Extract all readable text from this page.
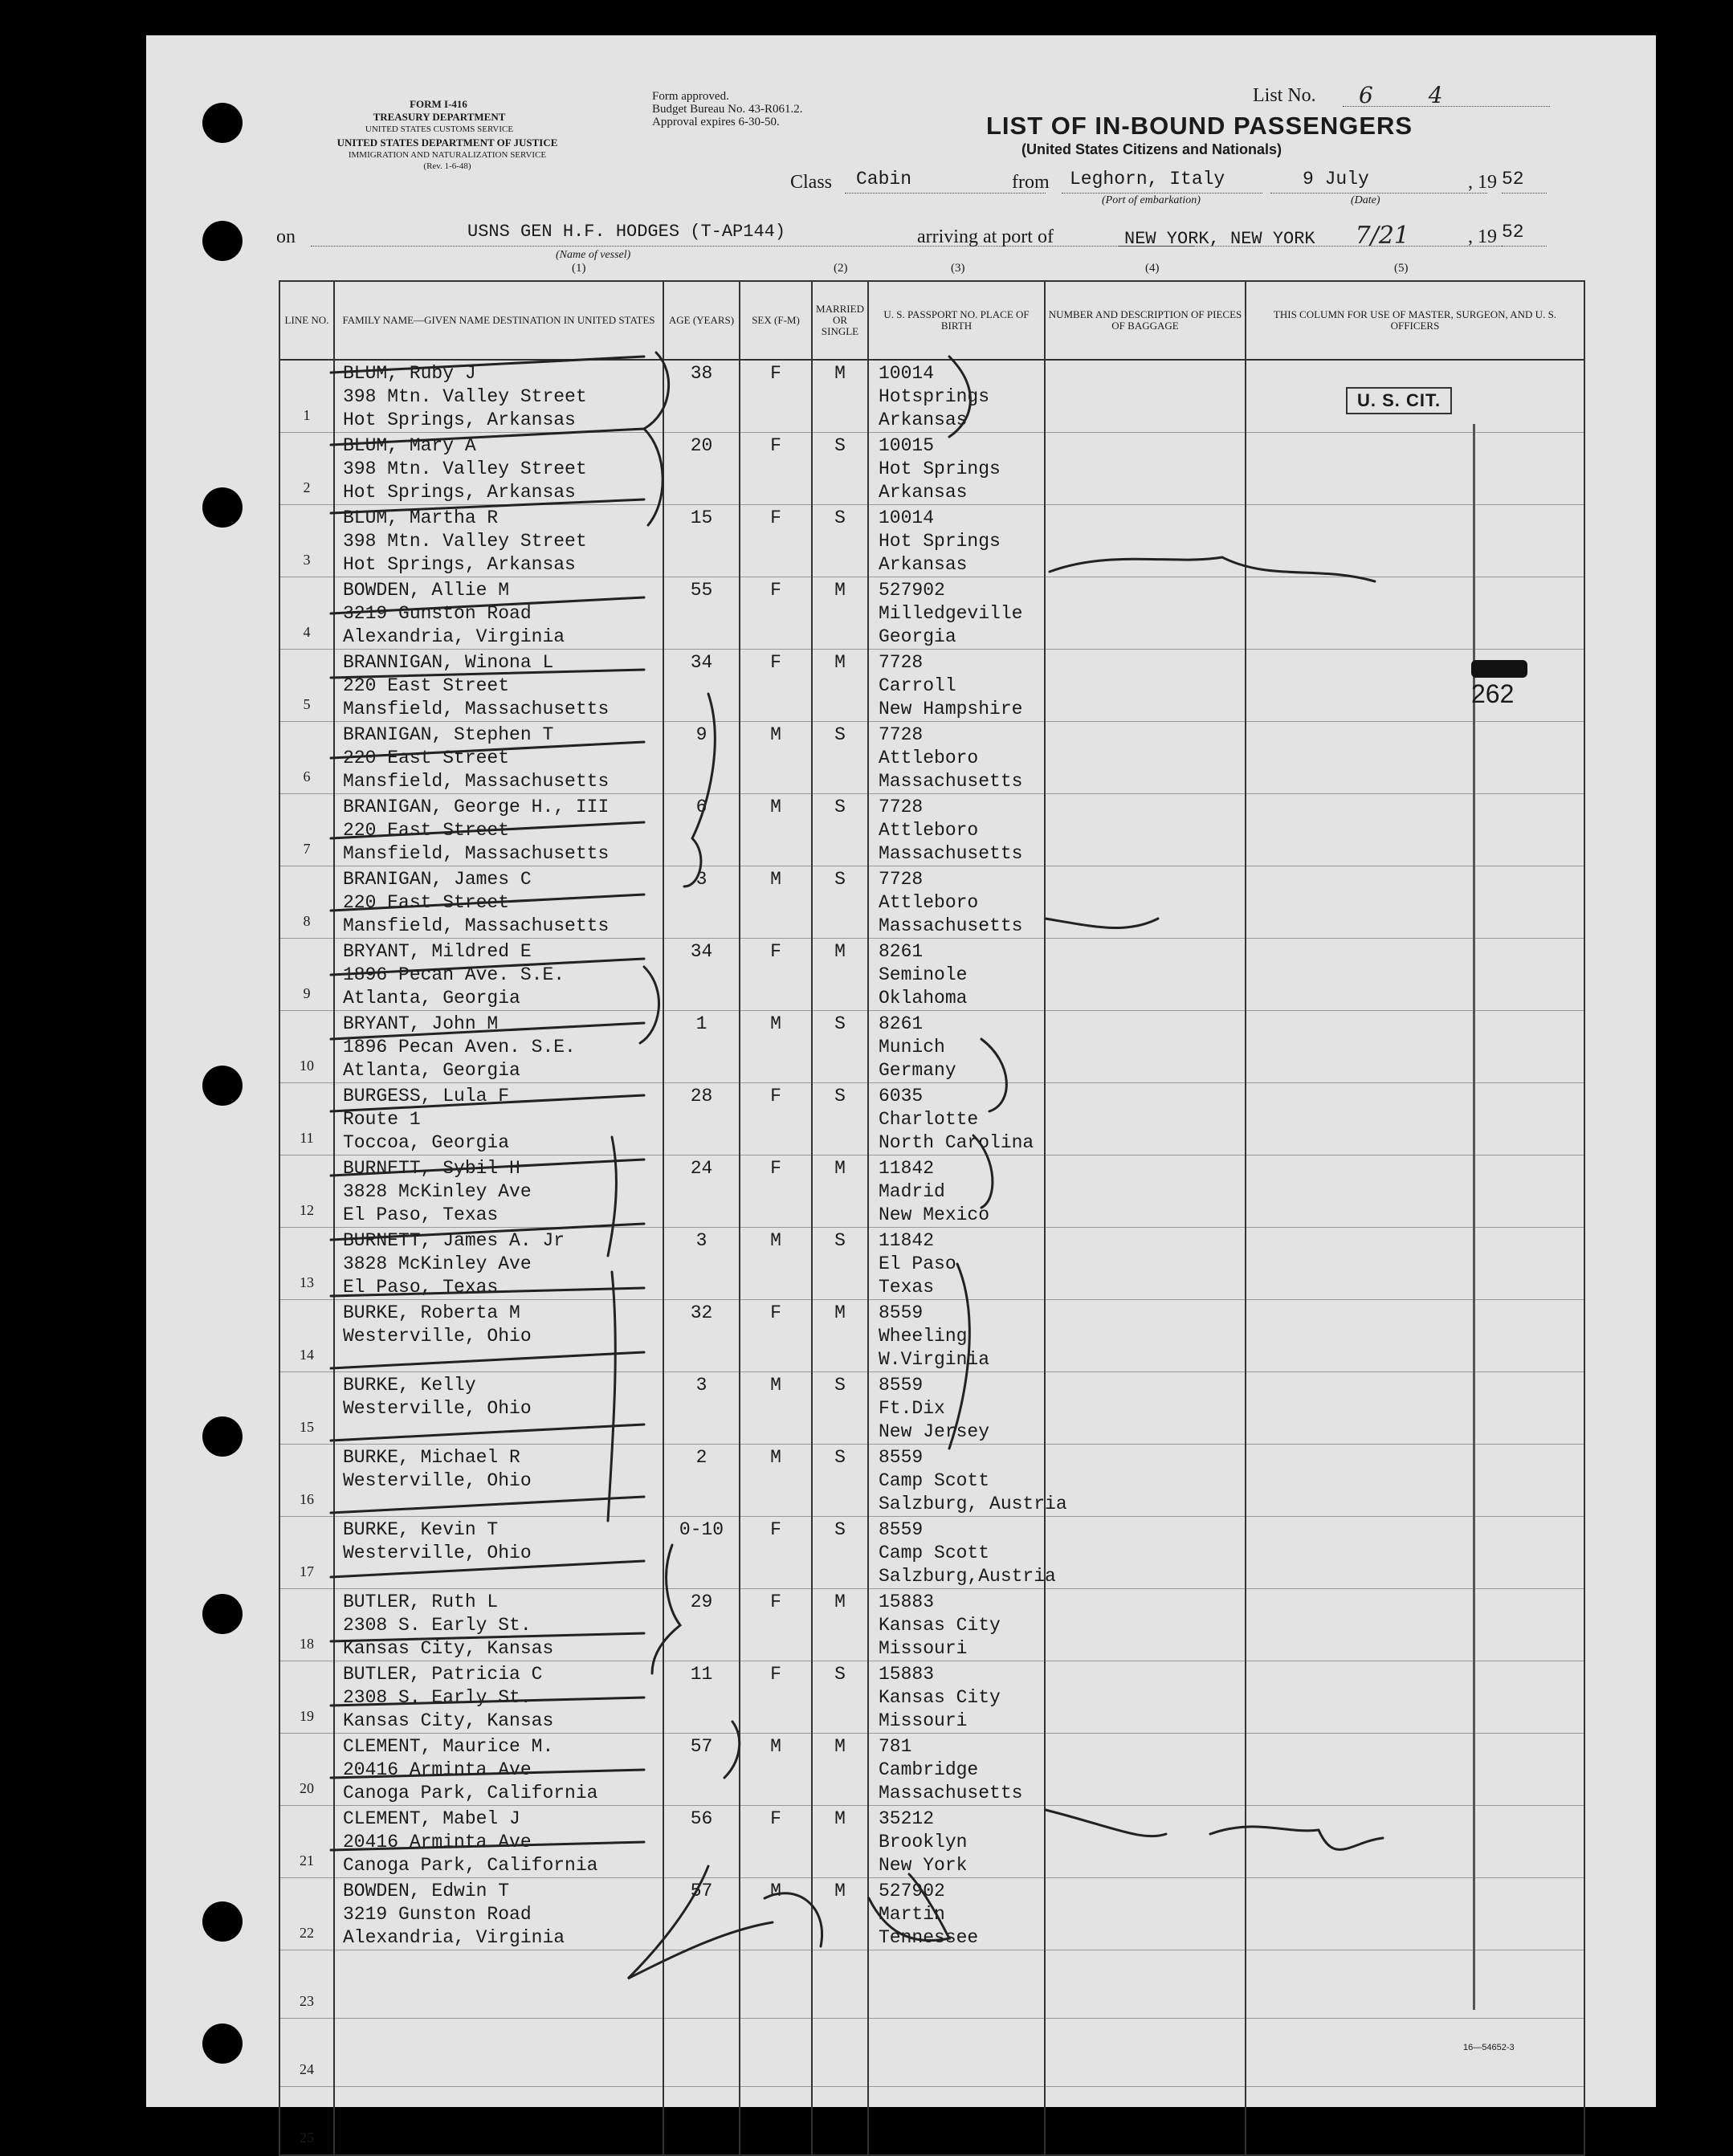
FORM I-416
TREASURY DEPARTMENT
UNITED STATES CUSTOMS SERVICE
UNITED STATES DEPARTMENT OF JUSTICE
IMMIGRATION AND NATURALIZATION SERVICE
(Rev. 1-6-48)
Form approved.
Budget Bureau No. 43-R061.2.
Approval expires 6-30-50.
List No.	6 4
LIST OF IN-BOUND PASSENGERS
(United States Citizens and Nationals)
Class	Cabin	from	Leghorn, Italy	9 July	, 19 52
(Port of embarkation)	(Date)
on	USNS GEN H.F. HODGES (T-AP144)	arriving at port of	NEW YORK, NEW YORK 7/21	, 19 52
(Name of vessel)
(1)	(2)	(3)	(4)	(5)
LINE NO.	FAMILY NAME—GIVEN NAME DESTINATION IN UNITED STATES	AGE (YEARS)	SEX (F-M)	MARRIED OR SINGLE	U. S. PASSPORT NO. PLACE OF BIRTH	NUMBER AND DESCRIPTION OF PIECES OF BAGGAGE	THIS COLUMN FOR USE OF MASTER, SURGEON, AND U. S. OFFICERS

1	BLUM, Ruby J
398 Mtn. Valley Street
Hot Springs, Arkansas	38	F	M	10014
Hotsprings
Arkansas		

2	BLUM, Mary A
398 Mtn. Valley Street
Hot Springs, Arkansas	20	F	S	10015
Hot Springs
Arkansas		

3	BLUM, Martha R
398 Mtn. Valley Street
Hot Springs, Arkansas	15	F	S	10014
Hot Springs
Arkansas		

4	BOWDEN, Allie M
3219 Gunston Road
Alexandria, Virginia	55	F	M	527902
Milledgeville
Georgia		

5	BRANNIGAN, Winona L
220 East Street
Mansfield, Massachusetts	34	F	M	7728
Carroll
New Hampshire		

6	BRANIGAN, Stephen T
220 East Street
Mansfield, Massachusetts	9	M	S	7728
Attleboro
Massachusetts		

7	BRANIGAN, George H., III
220 East Street
Mansfield, Massachusetts	6	M	S	7728
Attleboro
Massachusetts		

8	BRANIGAN, James C
220 East Street
Mansfield, Massachusetts	3	M	S	7728
Attleboro
Massachusetts		

9	BRYANT, Mildred E
1896 Pecan Ave. S.E.
Atlanta, Georgia	34	F	M	8261
Seminole
Oklahoma		

10	BRYANT, John M
1896 Pecan Aven. S.E.
Atlanta, Georgia	1	M	S	8261
Munich
Germany		

11	BURGESS, Lula F
Route 1
Toccoa, Georgia	28	F	S	6035
Charlotte
North Carolina		

12	BURNETT, Sybil H
3828 McKinley Ave
El Paso, Texas	24	F	M	11842
Madrid
New Mexico		

13	BURNETT, James A. Jr
3828 McKinley Ave
El Paso, Texas	3	M	S	11842
El Paso
Texas		

14	BURKE, Roberta M
Westerville, Ohio	32	F	M	8559
Wheeling
W.Virginia		

15	BURKE, Kelly
Westerville, Ohio	3	M	S	8559
Ft.Dix
New Jersey		

16	BURKE, Michael R
Westerville, Ohio	2	M	S	8559
Camp Scott
Salzburg, Austria		

17	BURKE, Kevin T
Westerville, Ohio	0-10	F	S	8559
Camp Scott
Salzburg,Austria		

18	BUTLER, Ruth L
2308 S. Early St.
Kansas City, Kansas	29	F	M	15883
Kansas City
Missouri		

19	BUTLER, Patricia C
2308 S. Early St.
Kansas City, Kansas	11	F	S	15883
Kansas City
Missouri		

20	CLEMENT, Maurice M.
20416 Arminta Ave
Canoga Park, California	57	M	M	781
Cambridge
Massachusetts		

21	CLEMENT, Mabel J
20416 Arminta Ave
Canoga Park, California	56	F	M	35212
Brooklyn
New York		

22	BOWDEN, Edwin T
3219 Gunston Road
Alexandria, Virginia	57	M	M	527902
Martin
Tennessee		

23							

24							

25							

U. S. CIT.
262
16—54652-3
